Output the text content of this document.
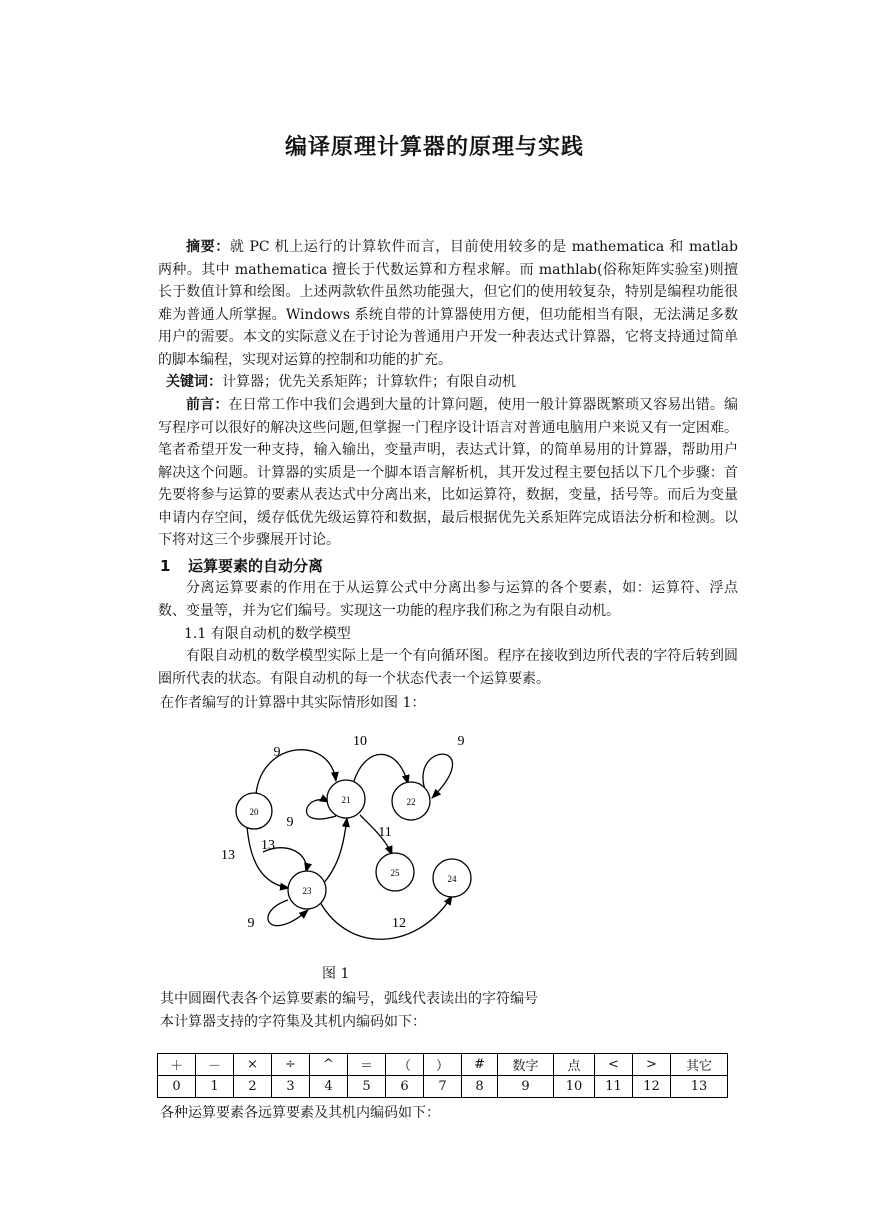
编译原理计算器的原理与实践

摘要：就 PC 机上运行的计算软件而言，目前使用较多的是 mathematica 和 matlab 两种。其中 mathematica 擅长于代数运算和方程求解。而 mathlab(俗称矩阵实验室)则擅长于数值计算和绘图。上述两款软件虽然功能强大，但它们的使用较复杂，特别是编程功能很难为普通人所掌握。Windows 系统自带的计算器使用方便，但功能相当有限，无法满足多数用户的需要。本文的实际意义在于讨论为普通用户开发一种表达式计算器，它将支持通过简单的脚本编程，实现对运算的控制和功能的扩充。

关键词：计算器；优先关系矩阵；计算软件；有限自动机

前言：在日常工作中我们会遇到大量的计算问题，使用一般计算器既繁琐又容易出错。编写程序可以很好的解决这些问题,但掌握一门程序设计语言对普通电脑用户来说又有一定困难。笔者希望开发一种支持，输入输出，变量声明，表达式计算，的简单易用的计算器，帮助用户解决这个问题。计算器的实质是一个脚本语言解析机，其开发过程主要包括以下几个步骤：首先要将参与运算的要素从表达式中分离出来，比如运算符，数据，变量，括号等。而后为变量申请内存空间，缓存低优先级运算符和数据，最后根据优先关系矩阵完成语法分析和检测。以下将对这三个步骤展开讨论。

1 运算要素的自动分离

分离运算要素的作用在于从运算公式中分离出参与运算的各个要素，如：运算符、浮点数、变量等，并为它们编号。实现这一功能的程序我们称之为有限自动机。

1.1 有限自动机的数学模型

有限自动机的数学模型实际上是一个有向循环图。程序在接收到边所代表的字符后转到圆圈所代表的状态。有限自动机的每一个状态代表一个运算要素。

在作者编写的计算器中其实际情形如图 1：
20
21	22
23
24
25
9
10	9
9
11
13
13
9	12
图 1
其中圆圈代表各个运算要素的编号，弧线代表读出的字符编号
本计算器支持的字符集及其机内编码如下：
＋	－	×	÷	^	＝	（	）	#	数字	点	<	>	其它
0	1	2	3	4	5	6	7	8	9	10	11	12	13
各种运算要素各远算要素及其机内编码如下：
